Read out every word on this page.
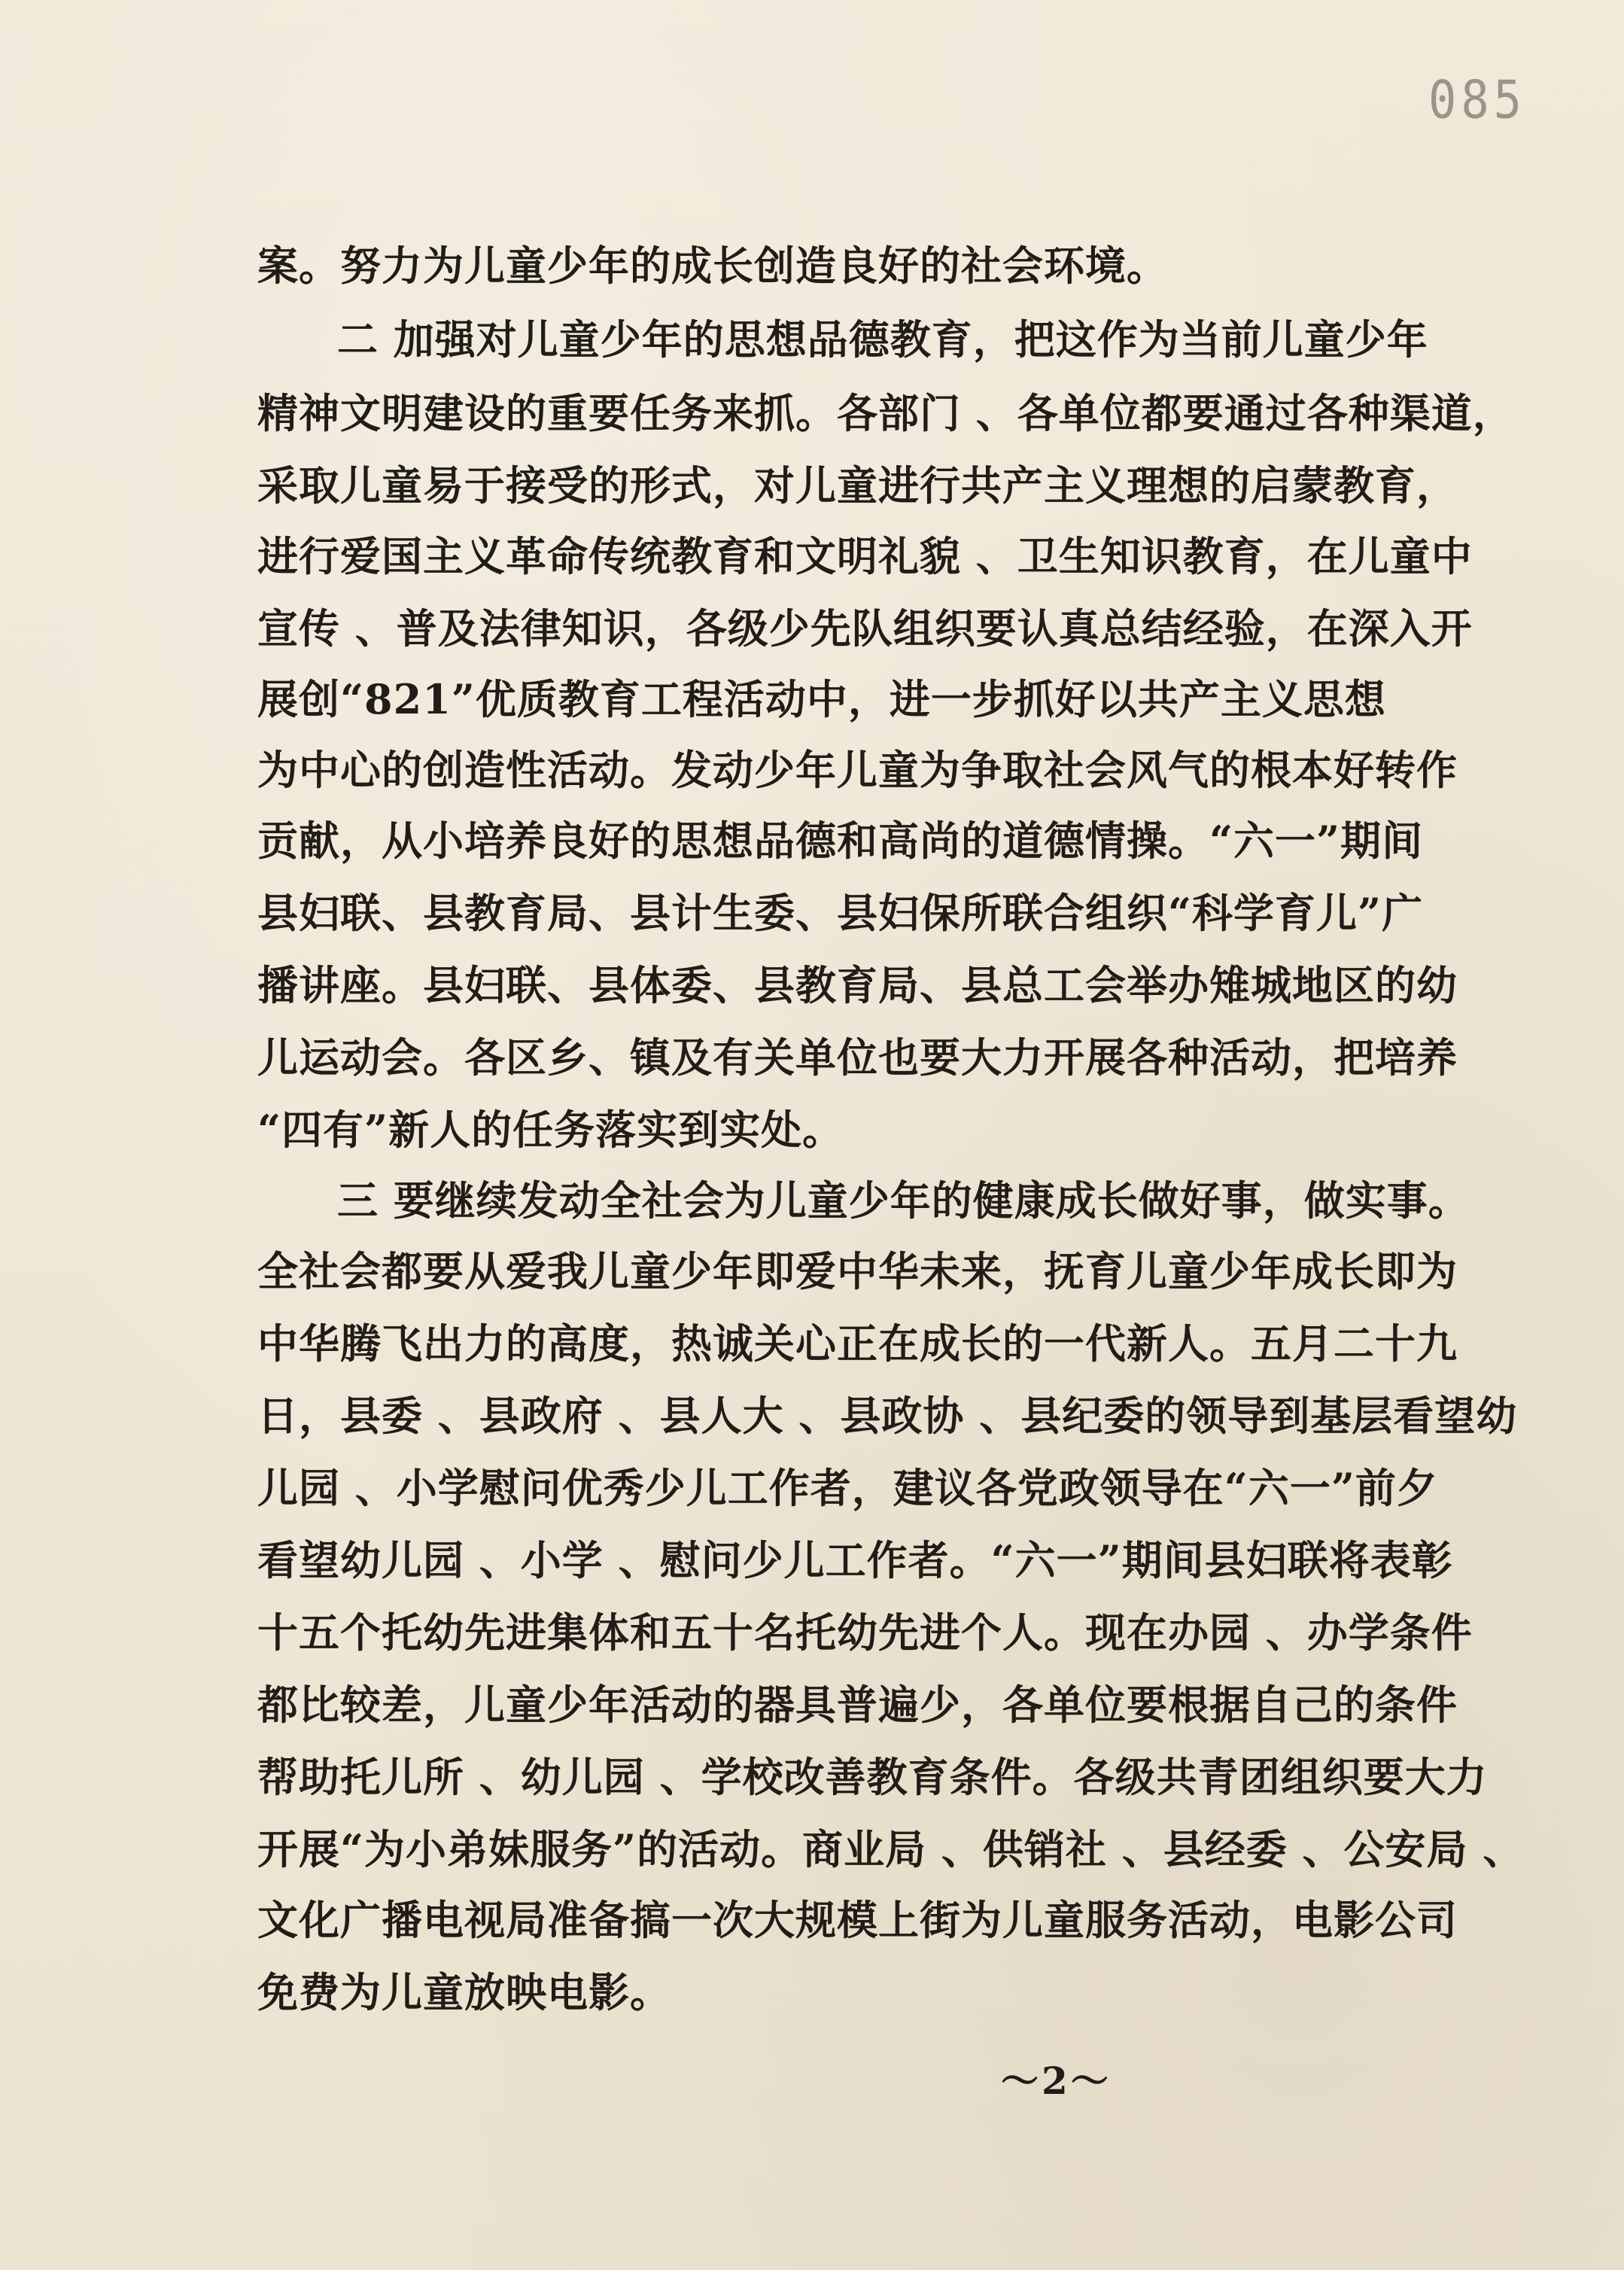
085

案。努力为儿童少年的成长创造良好的社会环境。

二 加强对儿童少年的思想品德教育，把这作为当前儿童少年

精神文明建设的重要任务来抓。各部门 、各单位都要通过各种渠道，

采取儿童易于接受的形式，对儿童进行共产主义理想的启蒙教育，

进行爱国主义革命传统教育和文明礼貌 、卫生知识教育，在儿童中

宣传 、普及法律知识，各级少先队组织要认真总结经验，在深入开

展创“821”优质教育工程活动中，进一步抓好以共产主义思想

为中心的创造性活动。发动少年儿童为争取社会风气的根本好转作

贡献，从小培养良好的思想品德和高尚的道德情操。“六一”期间

县妇联、县教育局、县计生委、县妇保所联合组织“科学育儿”广

播讲座。县妇联、县体委、县教育局、县总工会举办雉城地区的幼

儿运动会。各区乡、镇及有关单位也要大力开展各种活动，把培养

“四有”新人的任务落实到实处。

三 要继续发动全社会为儿童少年的健康成长做好事，做实事。

全社会都要从爱我儿童少年即爱中华未来，抚育儿童少年成长即为

中华腾飞出力的高度，热诚关心正在成长的一代新人。五月二十九

日，县委 、县政府 、县人大 、县政协 、县纪委的领导到基层看望幼

儿园 、小学慰问优秀少儿工作者，建议各党政领导在“六一”前夕

看望幼儿园 、小学 、慰问少儿工作者。“六一”期间县妇联将表彰

十五个托幼先进集体和五十名托幼先进个人。现在办园 、办学条件

都比较差，儿童少年活动的器具普遍少，各单位要根据自己的条件

帮助托儿所 、幼儿园 、学校改善教育条件。各级共青团组织要大力

开展“为小弟妹服务”的活动。商业局 、供销社 、县经委 、公安局 、

文化广播电视局准备搞一次大规模上街为儿童服务活动，电影公司

免费为儿童放映电影。

～2～
